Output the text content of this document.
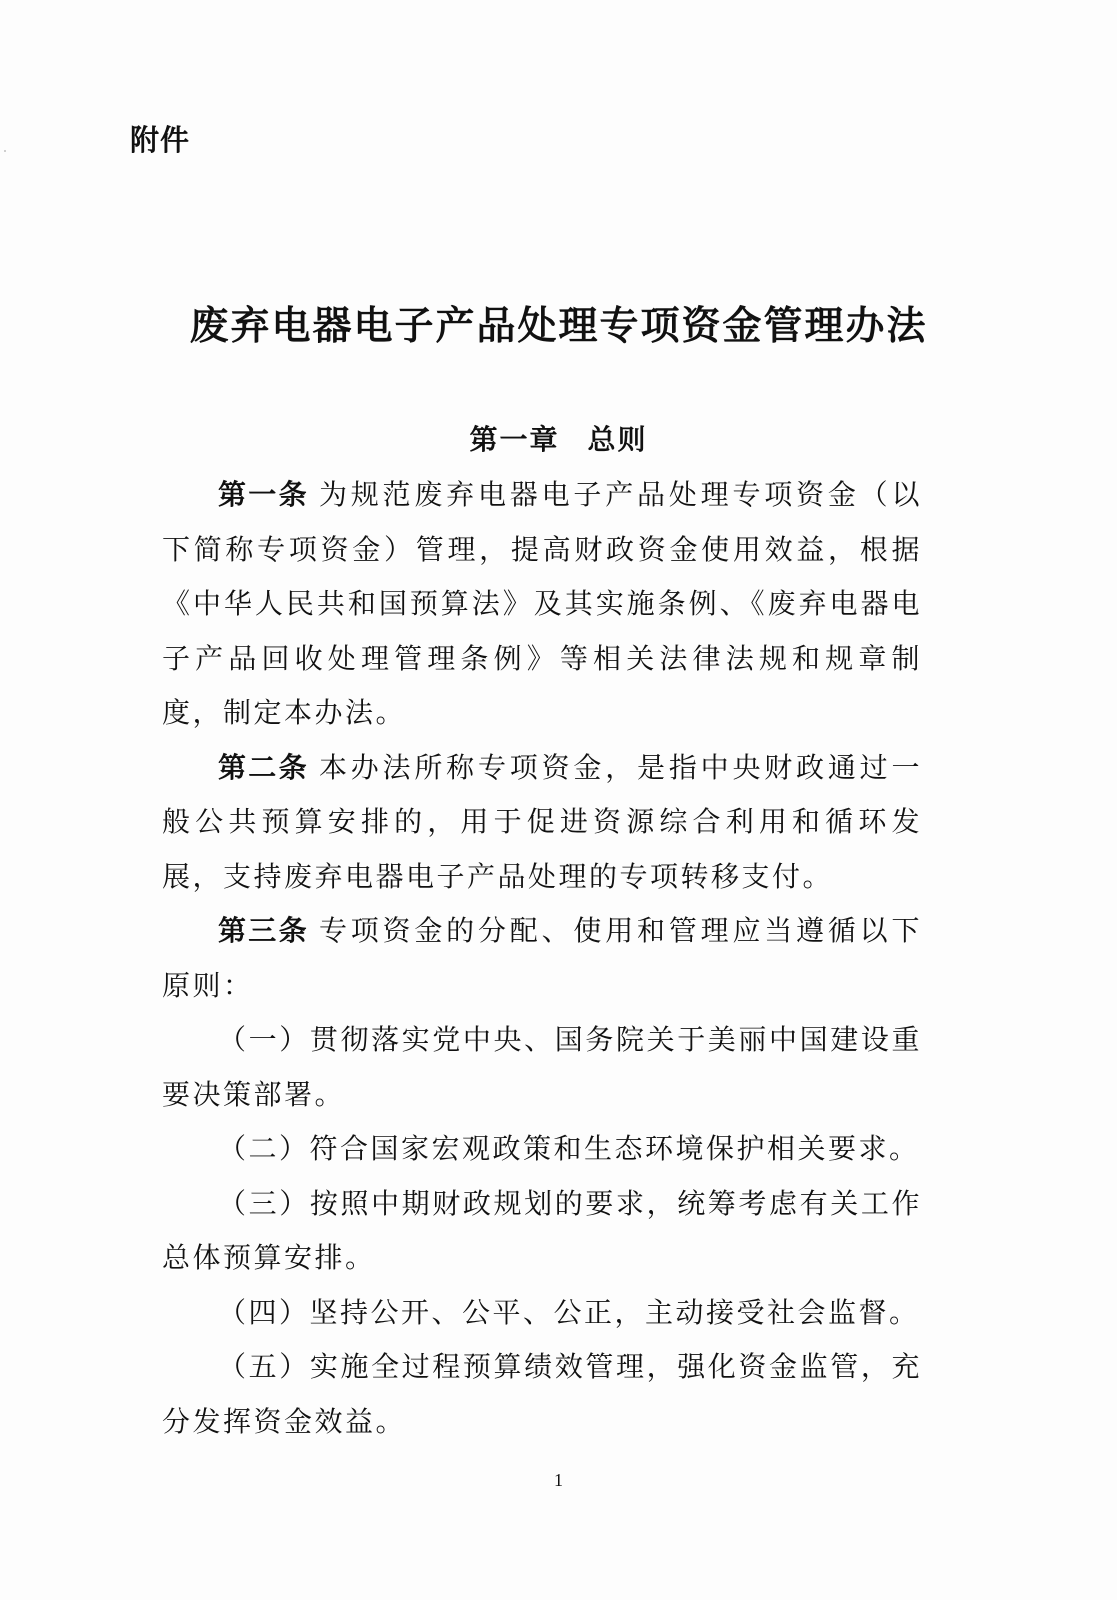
附件
废弃电器电子产品处理专项资金管理办法
第一章 总则

第一条 为规范废弃电器电子产品处理专项资金（以下简称专项资金）管理，提高财政资金使用效益，根据《中华人民共和国预算法》及其实施条例、《废弃电器电子产品回收处理管理条例》等相关法律法规和规章制度，制定本办法。

第二条 本办法所称专项资金，是指中央财政通过一般公共预算安排的，用于促进资源综合利用和循环发展，支持废弃电器电子产品处理的专项转移支付。

第三条 专项资金的分配、使用和管理应当遵循以下原则：

（一）贯彻落实党中央、国务院关于美丽中国建设重要决策部署。

（二）符合国家宏观政策和生态环境保护相关要求。

（三）按照中期财政规划的要求，统筹考虑有关工作总体预算安排。

（四）坚持公开、公平、公正，主动接受社会监督。

（五）实施全过程预算绩效管理，强化资金监管，充分发挥资金效益。

1
